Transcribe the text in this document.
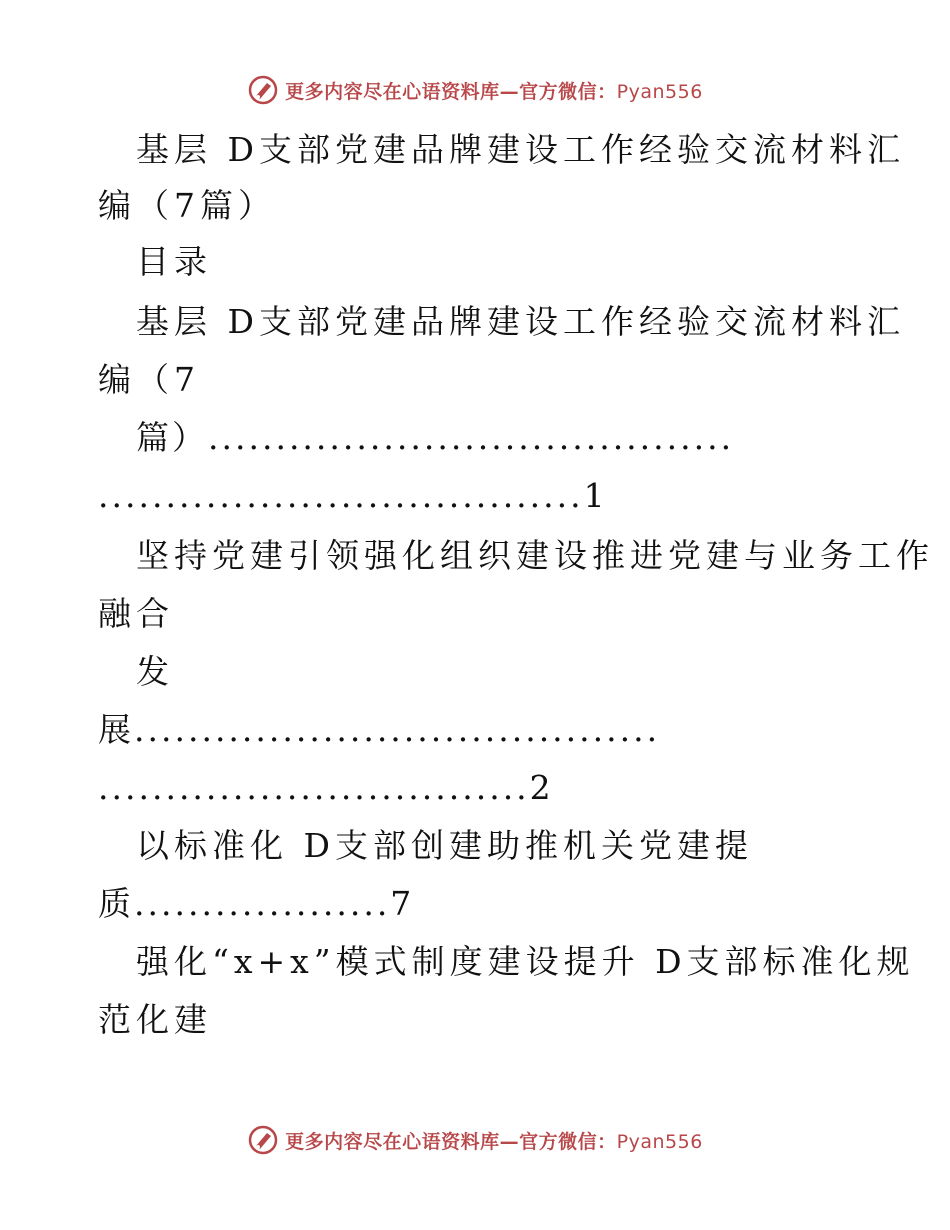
更多内容尽在心语资料库—官方微信：Pyan556
基层 D支部党建品牌建设工作经验交流材料汇
编（7篇）
目录
基层 D支部党建品牌建设工作经验交流材料汇
编（7
篇）.......................................
....................................1
坚持党建引领强化组织建设推进党建与业务工作
融合
发
展.......................................
................................2
以标准化 D支部创建助推机关党建提
质...................7
强化“x+x”模式制度建设提升 D支部标准化规
范化建
更多内容尽在心语资料库—官方微信：Pyan556
